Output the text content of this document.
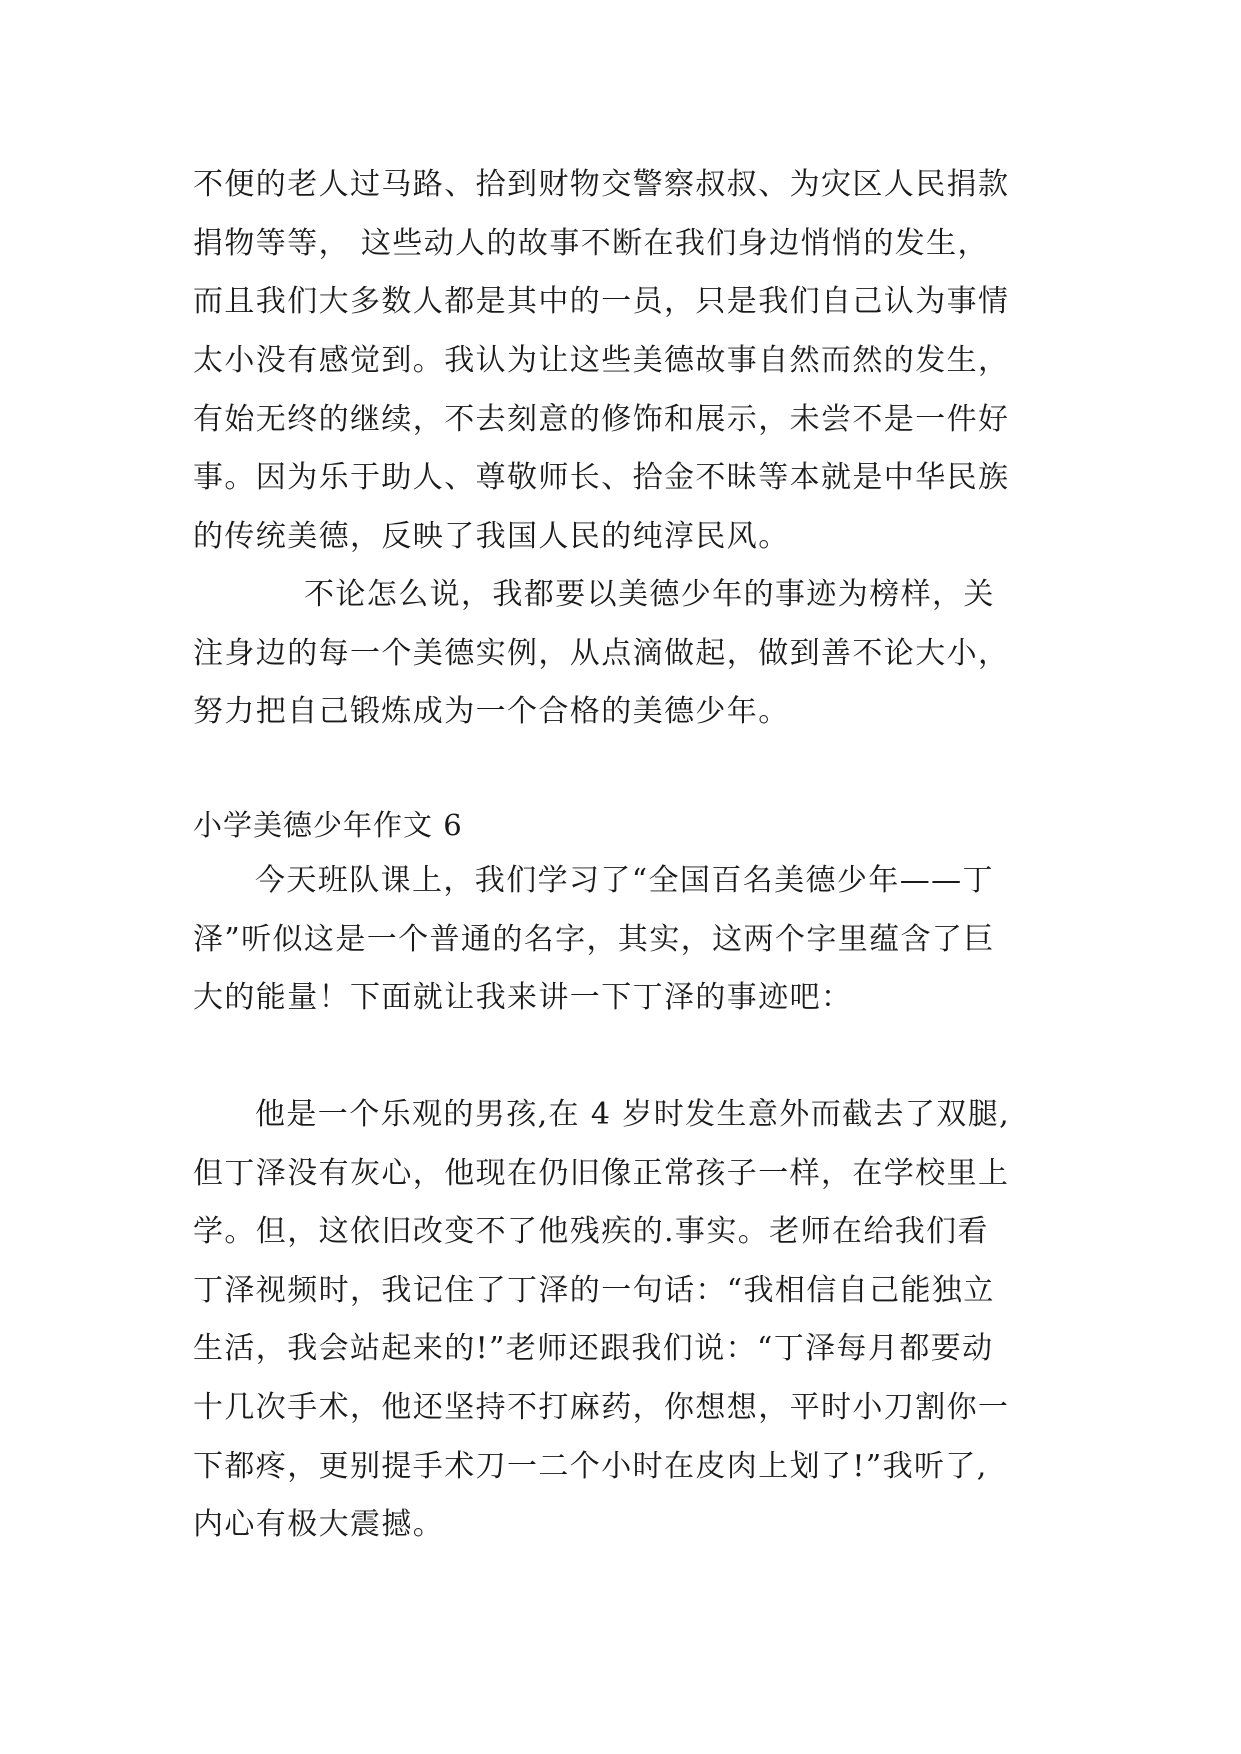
不便的老人过马路、拾到财物交警察叔叔、为灾区人民捐款
捐物等等， 这些动人的故事不断在我们身边悄悄的发生，
而且我们大多数人都是其中的一员，只是我们自己认为事情
太小没有感觉到。我认为让这些美德故事自然而然的发生，
有始无终的继续，不去刻意的修饰和展示，未尝不是一件好
事。因为乐于助人、尊敬师长、拾金不昧等本就是中华民族
的传统美德，反映了我国人民的纯淳民风。
不论怎么说，我都要以美德少年的事迹为榜样，关
注身边的每一个美德实例，从点滴做起，做到善不论大小，
努力把自己锻炼成为一个合格的美德少年。
小学美德少年作文 6
今天班队课上，我们学习了“全国百名美德少年——丁
泽”听似这是一个普通的名字，其实，这两个字里蕴含了巨
大的能量！下面就让我来讲一下丁泽的事迹吧：
他是一个乐观的男孩,在 4 岁时发生意外而截去了双腿,
但丁泽没有灰心，他现在仍旧像正常孩子一样，在学校里上
学。但，这依旧改变不了他残疾的.事实。老师在给我们看
丁泽视频时，我记住了丁泽的一句话：“我相信自己能独立
生活，我会站起来的!”老师还跟我们说：“丁泽每月都要动
十几次手术，他还坚持不打麻药，你想想，平时小刀割你一
下都疼，更别提手术刀一二个小时在皮肉上划了!”我听了,
内心有极大震撼。
